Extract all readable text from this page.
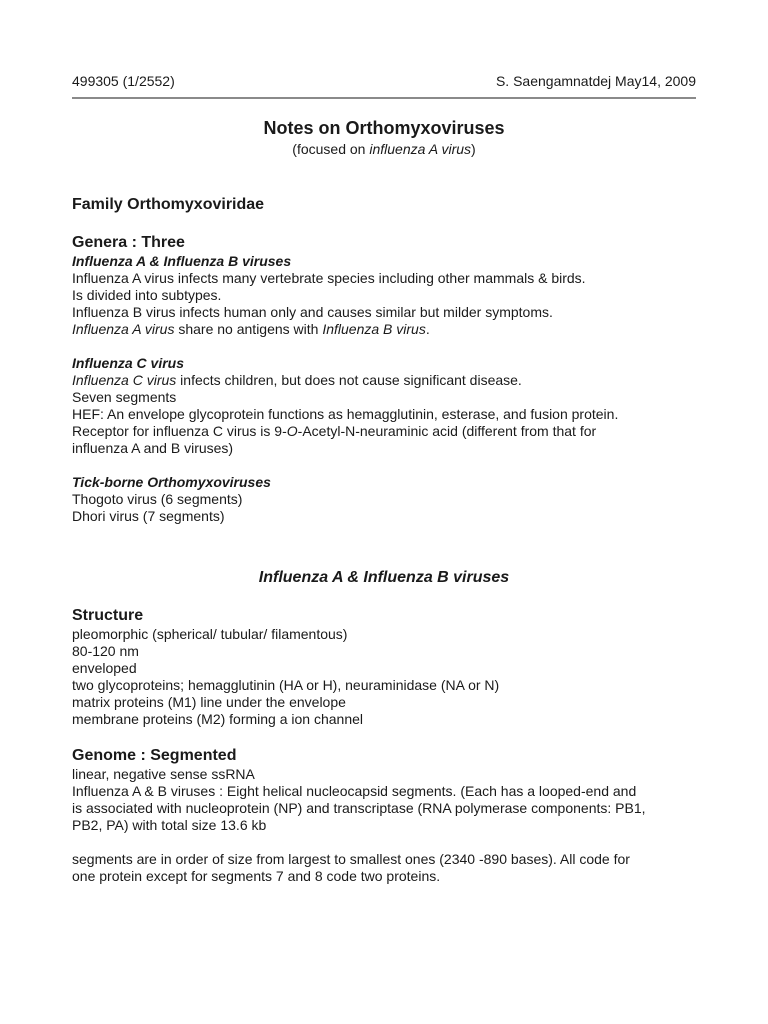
499305 (1/2552)	S. Saengamnatdej May14, 2009
Notes on Orthomyxoviruses
(focused on influenza A virus)

Family Orthomyxoviridae

Genera : Three

Influenza A & Influenza B viruses

Influenza A virus infects many vertebrate species including other mammals & birds.

Is divided into subtypes.

Influenza B virus infects human only and causes similar but milder symptoms.

Influenza A virus share no antigens with Influenza B virus.

Influenza C virus

Influenza C virus infects children, but does not cause significant disease.

Seven segments

HEF: An envelope glycoprotein functions as hemagglutinin, esterase, and fusion protein.

Receptor for influenza C virus is 9-O-Acetyl-N-neuraminic acid (different from that for

influenza A and B viruses)

Tick-borne Orthomyxoviruses

Thogoto virus (6 segments)

Dhori virus (7 segments)

Influenza A & Influenza B viruses

Structure

pleomorphic (spherical/ tubular/ filamentous)

80-120 nm

enveloped

two glycoproteins; hemagglutinin (HA or H), neuraminidase (NA or N)

matrix proteins (M1) line under the envelope

membrane proteins (M2) forming a ion channel

Genome : Segmented

linear, negative sense ssRNA

Influenza A & B viruses : Eight helical nucleocapsid segments. (Each has a looped-end and

is associated with nucleoprotein (NP) and transcriptase (RNA polymerase components: PB1,

PB2, PA) with total size 13.6 kb

segments are in order of size from largest to smallest ones (2340 -890 bases). All code for

one protein except for segments 7 and 8 code two proteins.
